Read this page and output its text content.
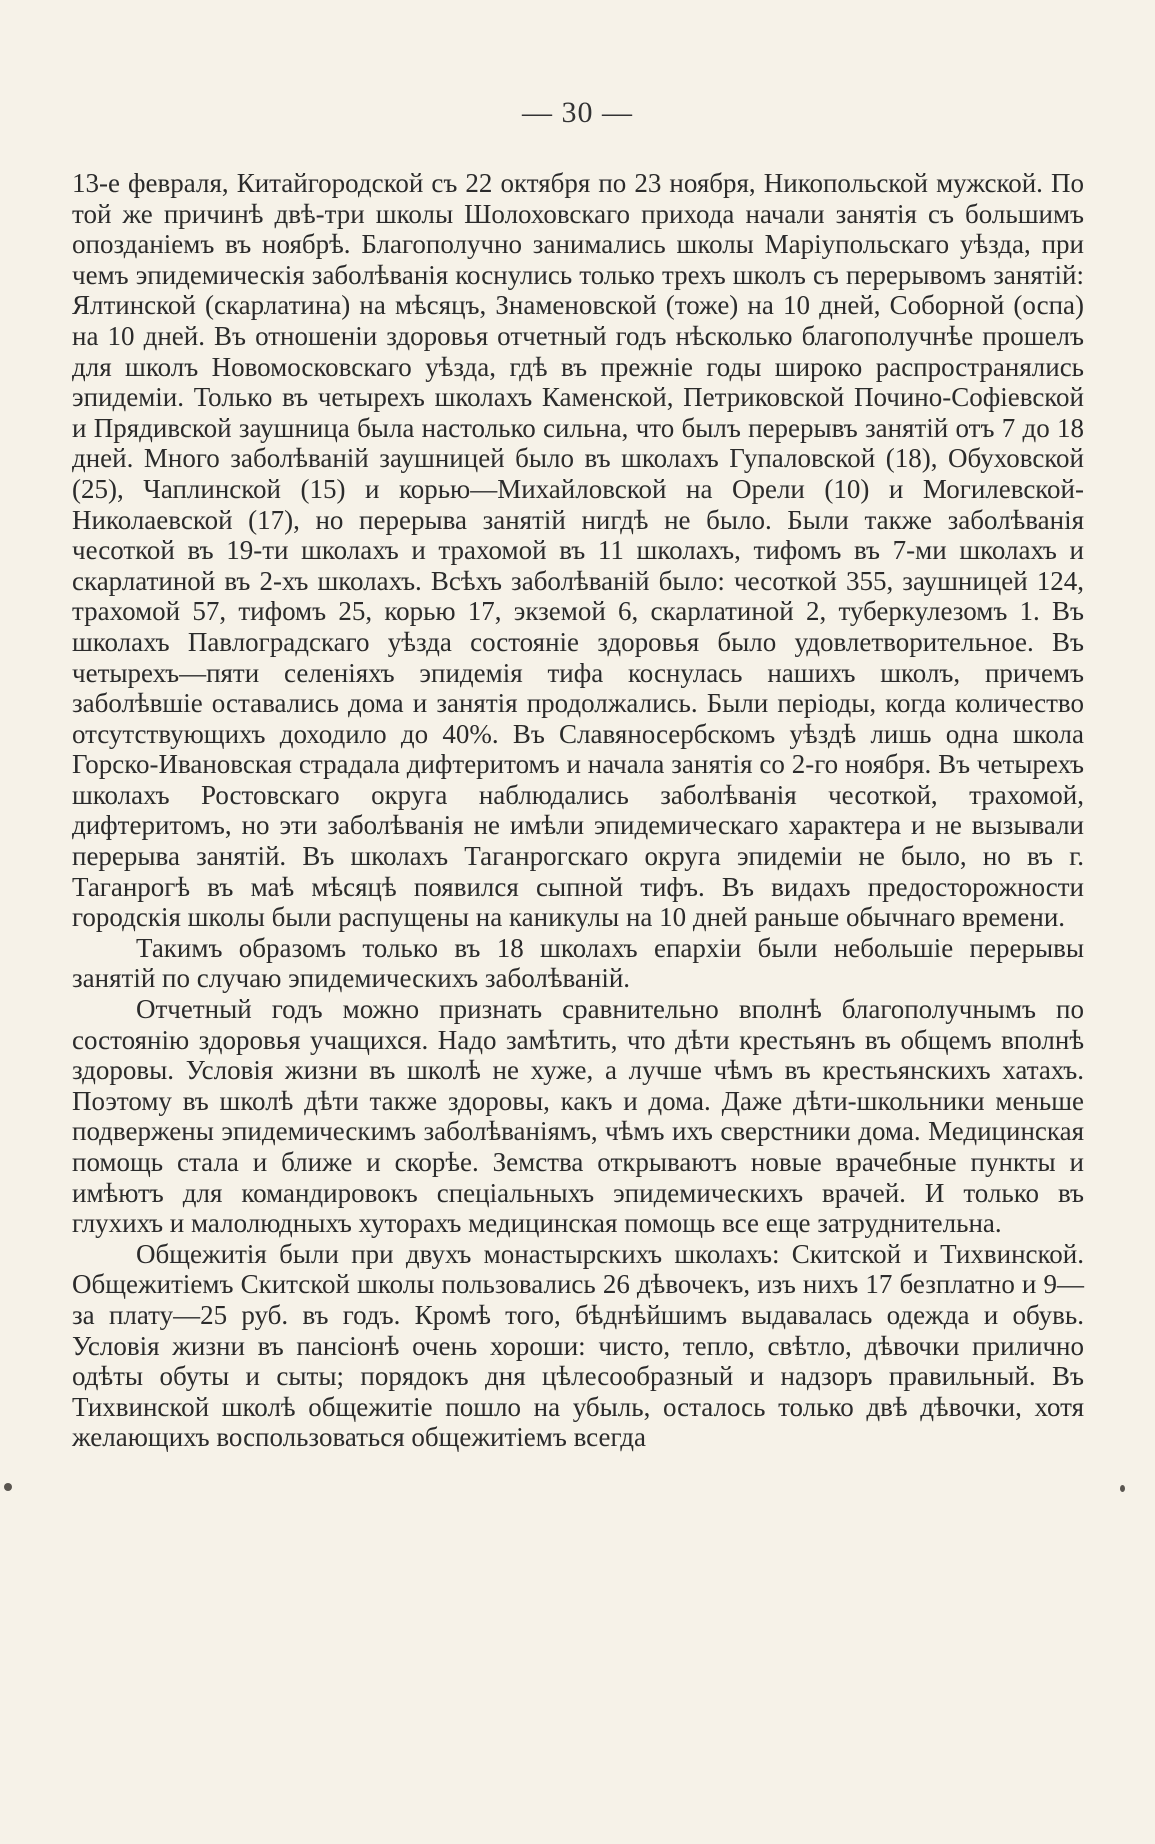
— 30 —

13-е февраля, Китайгородской съ 22 октября по 23 ноября, Никопольской мужской. По той же причинѣ двѣ-три школы Шолоховскаго прихода начали занятія съ большимъ опозданіемъ въ ноябрѣ. Благополучно занимались школы Маріупольскаго уѣзда, при чемъ эпидемическія заболѣванія коснулись только трехъ школъ съ перерывомъ занятій: Ялтинской (скарлатина) на мѣсяцъ, Знаменовской (тоже) на 10 дней, Соборной (оспа) на 10 дней. Въ отношеніи здоровья отчетный годъ нѣсколько благополучнѣе прошелъ для школъ Новомосковскаго уѣзда, гдѣ въ прежніе годы широко распространялись эпидеміи. Только въ четырехъ школахъ Каменской, Петриковской Почино-Софіевской и Прядивской заушница была настолько сильна, что былъ перерывъ занятій отъ 7 до 18 дней. Много заболѣваній заушницей было въ школахъ Гупаловской (18), Обуховской (25), Чаплинской (15) и корью—Михайловской на Орели (10) и Могилевской-Николаевской (17), но перерыва занятій нигдѣ не было. Были также заболѣванія чесоткой въ 19-ти школахъ и трахомой въ 11 школахъ, тифомъ въ 7-ми школахъ и скарлатиной въ 2-хъ школахъ. Всѣхъ заболѣваній было: чесоткой 355, заушницей 124, трахомой 57, тифомъ 25, корью 17, экземой 6, скарлатиной 2, туберкулезомъ 1. Въ школахъ Павлоградскаго уѣзда состояніе здоровья было удовлетворительное. Въ четырехъ—пяти селеніяхъ эпидемія тифа коснулась нашихъ школъ, причемъ заболѣвшіе оставались дома и занятія продолжались. Были періоды, когда количество отсутствующихъ доходило до 40%. Въ Славяносербскомъ уѣздѣ лишь одна школа Горско-Ивановская страдала дифтеритомъ и начала занятія со 2-го ноября. Въ четырехъ школахъ Ростовскаго округа наблюдались заболѣванія чесоткой, трахомой, дифтеритомъ, но эти заболѣванія не имѣли эпидемическаго характера и не вызывали перерыва занятій. Въ школахъ Таганрогскаго округа эпидеміи не было, но въ г. Таганрогѣ въ маѣ мѣсяцѣ появился сыпной тифъ. Въ видахъ предосторожности городскія школы были распущены на каникулы на 10 дней раньше обычнаго времени.

Такимъ образомъ только въ 18 школахъ епархіи были небольшіе перерывы занятій по случаю эпидемическихъ заболѣваній.

Отчетный годъ можно признать сравнительно вполнѣ благополучнымъ по состоянію здоровья учащихся. Надо замѣтить, что дѣти крестьянъ въ общемъ вполнѣ здоровы. Условія жизни въ школѣ не хуже, а лучше чѣмъ въ крестьянскихъ хатахъ. Поэтому въ школѣ дѣти также здоровы, какъ и дома. Даже дѣти-школьники меньше подвержены эпидемическимъ заболѣваніямъ, чѣмъ ихъ сверстники дома. Медицинская помощь стала и ближе и скорѣе. Земства открываютъ новые врачебные пункты и имѣютъ для командировокъ спеціальныхъ эпидемическихъ врачей. И только въ глухихъ и малолюдныхъ хуторахъ медицинская помощь все еще затруднительна.

Общежитія были при двухъ монастырскихъ школахъ: Скитской и Тихвинской. Общежитіемъ Скитской школы пользовались 26 дѣвочекъ, изъ нихъ 17 безплатно и 9—за плату—25 руб. въ годъ. Кромѣ того, бѣднѣйшимъ выдавалась одежда и обувь. Условія жизни въ пансіонѣ очень хороши: чисто, тепло, свѣтло, дѣвочки прилично одѣты обуты и сыты; порядокъ дня цѣлесообразный и надзоръ правильный. Въ Тихвинской школѣ общежитіе пошло на убыль, осталось только двѣ дѣвочки, хотя желающихъ воспользоваться общежитіемъ всегда
